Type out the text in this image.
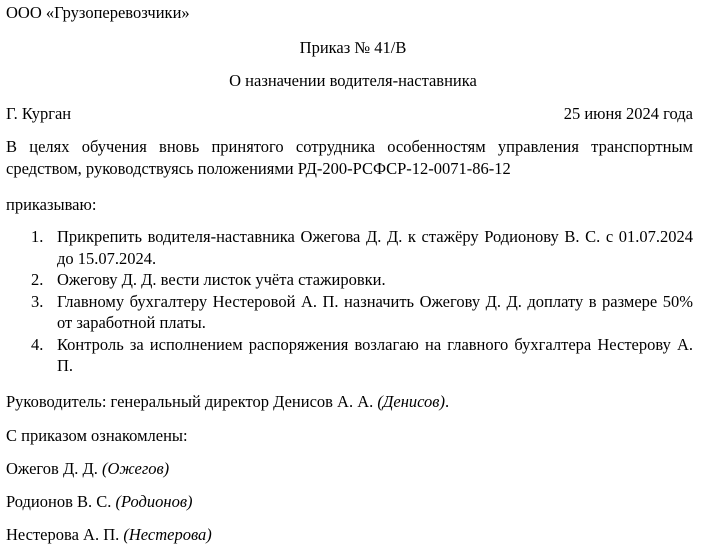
ООО «Грузоперевозчики»
Приказ № 41/В
О назначении водителя-наставника
Г. Курган	25 июня 2024 года
В целях обучения вновь принятого сотрудника особенностям управления транспортным средством, руководствуясь положениями РД-200-РСФСР-12-0071-86-12
приказываю:
1. Прикрепить водителя-наставника Ожегова Д. Д. к стажёру Родионову В. С. с 01.07.2024 до 15.07.2024.
2. Ожегову Д. Д. вести листок учёта стажировки.
3. Главному бухгалтеру Нестеровой А. П. назначить Ожегову Д. Д. доплату в размере 50% от заработной платы.
4. Контроль за исполнением распоряжения возлагаю на главного бухгалтера Нестерову А. П.
Руководитель: генеральный директор Денисов А. А. (Денисов).
С приказом ознакомлены:
Ожегов Д. Д. (Ожегов)
Родионов В. С. (Родионов)
Нестерова А. П. (Нестерова)
